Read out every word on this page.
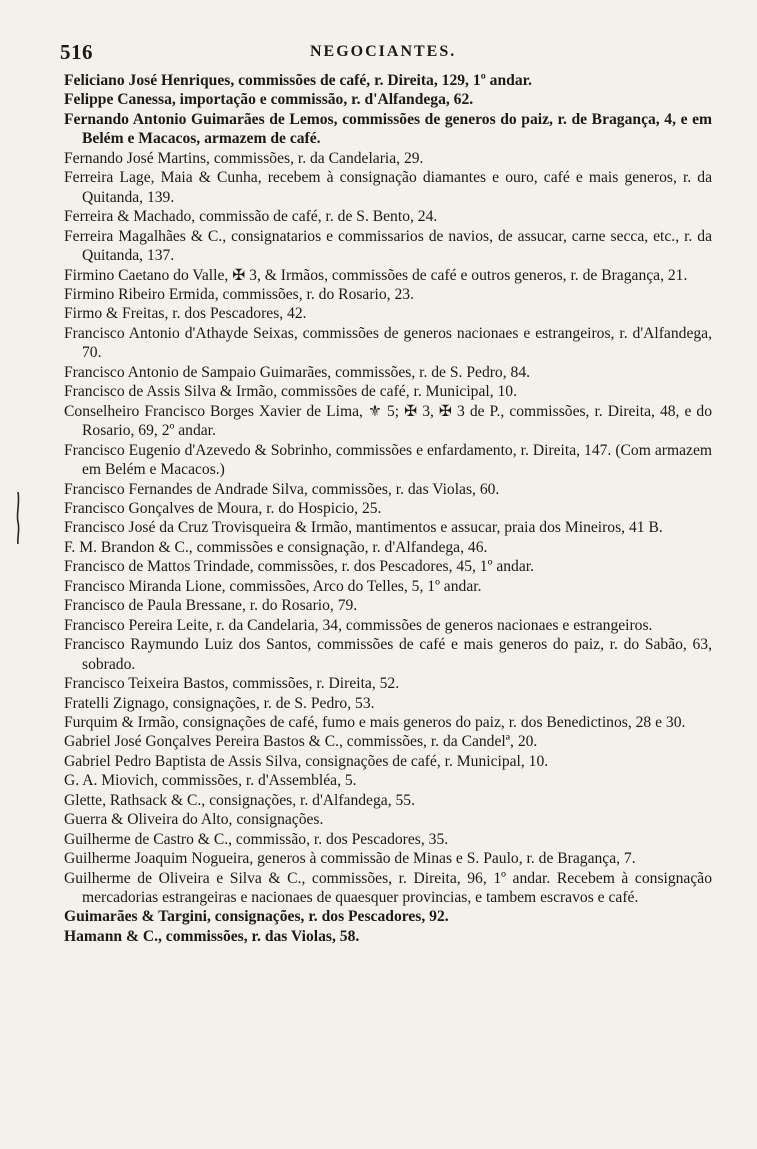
516	NEGOCIANTES.

Feliciano José Henriques, commissões de café, r. Direita, 129, 1º andar.

Felippe Canessa, importação e commissão, r. d'Alfandega, 62.

Fernando Antonio Guimarães de Lemos, commissões de generos do paiz, r. de Bragança, 4, e em Belém e Macacos, armazem de café.

Fernando José Martins, commissões, r. da Candelaria, 29.

Ferreira Lage, Maia & Cunha, recebem à consignação diamantes e ouro, café e mais generos, r. da Quitanda, 139.

Ferreira & Machado, commissão de café, r. de S. Bento, 24.

Ferreira Magalhães & C., consignatarios e commissarios de navios, de assucar, carne secca, etc., r. da Quitanda, 137.

Firmino Caetano do Valle, ✠ 3, & Irmãos, commissões de café e outros generos, r. de Bragança, 21.

Firmino Ribeiro Ermida, commissões, r. do Rosario, 23.

Firmo & Freitas, r. dos Pescadores, 42.

Francisco Antonio d'Athayde Seixas, commissões de generos nacionaes e estrangeiros, r. d'Alfandega, 70.

Francisco Antonio de Sampaio Guimarães, commissões, r. de S. Pedro, 84.

Francisco de Assis Silva & Irmão, commissões de café, r. Municipal, 10.

Conselheiro Francisco Borges Xavier de Lima, ⚜ 5; ✠ 3, ✠ 3 de P., commissões, r. Direita, 48, e do Rosario, 69, 2º andar.

Francisco Eugenio d'Azevedo & Sobrinho, commissões e enfardamento, r. Direita, 147. (Com armazem em Belém e Macacos.)

Francisco Fernandes de Andrade Silva, commissões, r. das Violas, 60.

Francisco Gonçalves de Moura, r. do Hospicio, 25.

Francisco José da Cruz Trovisqueira & Irmão, mantimentos e assucar, praia dos Mineiros, 41 B.

F. M. Brandon & C., commissões e consignação, r. d'Alfandega, 46.

Francisco de Mattos Trindade, commissões, r. dos Pescadores, 45, 1º andar.

Francisco Miranda Lione, commissões, Arco do Telles, 5, 1º andar.

Francisco de Paula Bressane, r. do Rosario, 79.

Francisco Pereira Leite, r. da Candelaria, 34, commissões de generos nacionaes e estrangeiros.

Francisco Raymundo Luiz dos Santos, commissões de café e mais generos do paiz, r. do Sabão, 63, sobrado.

Francisco Teixeira Bastos, commissões, r. Direita, 52.

Fratelli Zignago, consignações, r. de S. Pedro, 53.

Furquim & Irmão, consignações de café, fumo e mais generos do paiz, r. dos Benedictinos, 28 e 30.

Gabriel José Gonçalves Pereira Bastos & C., commissões, r. da Candelª, 20.

Gabriel Pedro Baptista de Assis Silva, consignações de café, r. Municipal, 10.

G. A. Miovich, commissões, r. d'Assembléa, 5.

Glette, Rathsack & C., consignações, r. d'Alfandega, 55.

Guerra & Oliveira do Alto, consignações.

Guilherme de Castro & C., commissão, r. dos Pescadores, 35.

Guilherme Joaquim Nogueira, generos à commissão de Minas e S. Paulo, r. de Bragança, 7.

Guilherme de Oliveira e Silva & C., commissões, r. Direita, 96, 1º andar. Recebem à consignação mercadorias estrangeiras e nacionaes de quaesquer provincias, e tambem escravos e café.

Guimarães & Targini, consignações, r. dos Pescadores, 92.

Hamann & C., commissões, r. das Violas, 58.
